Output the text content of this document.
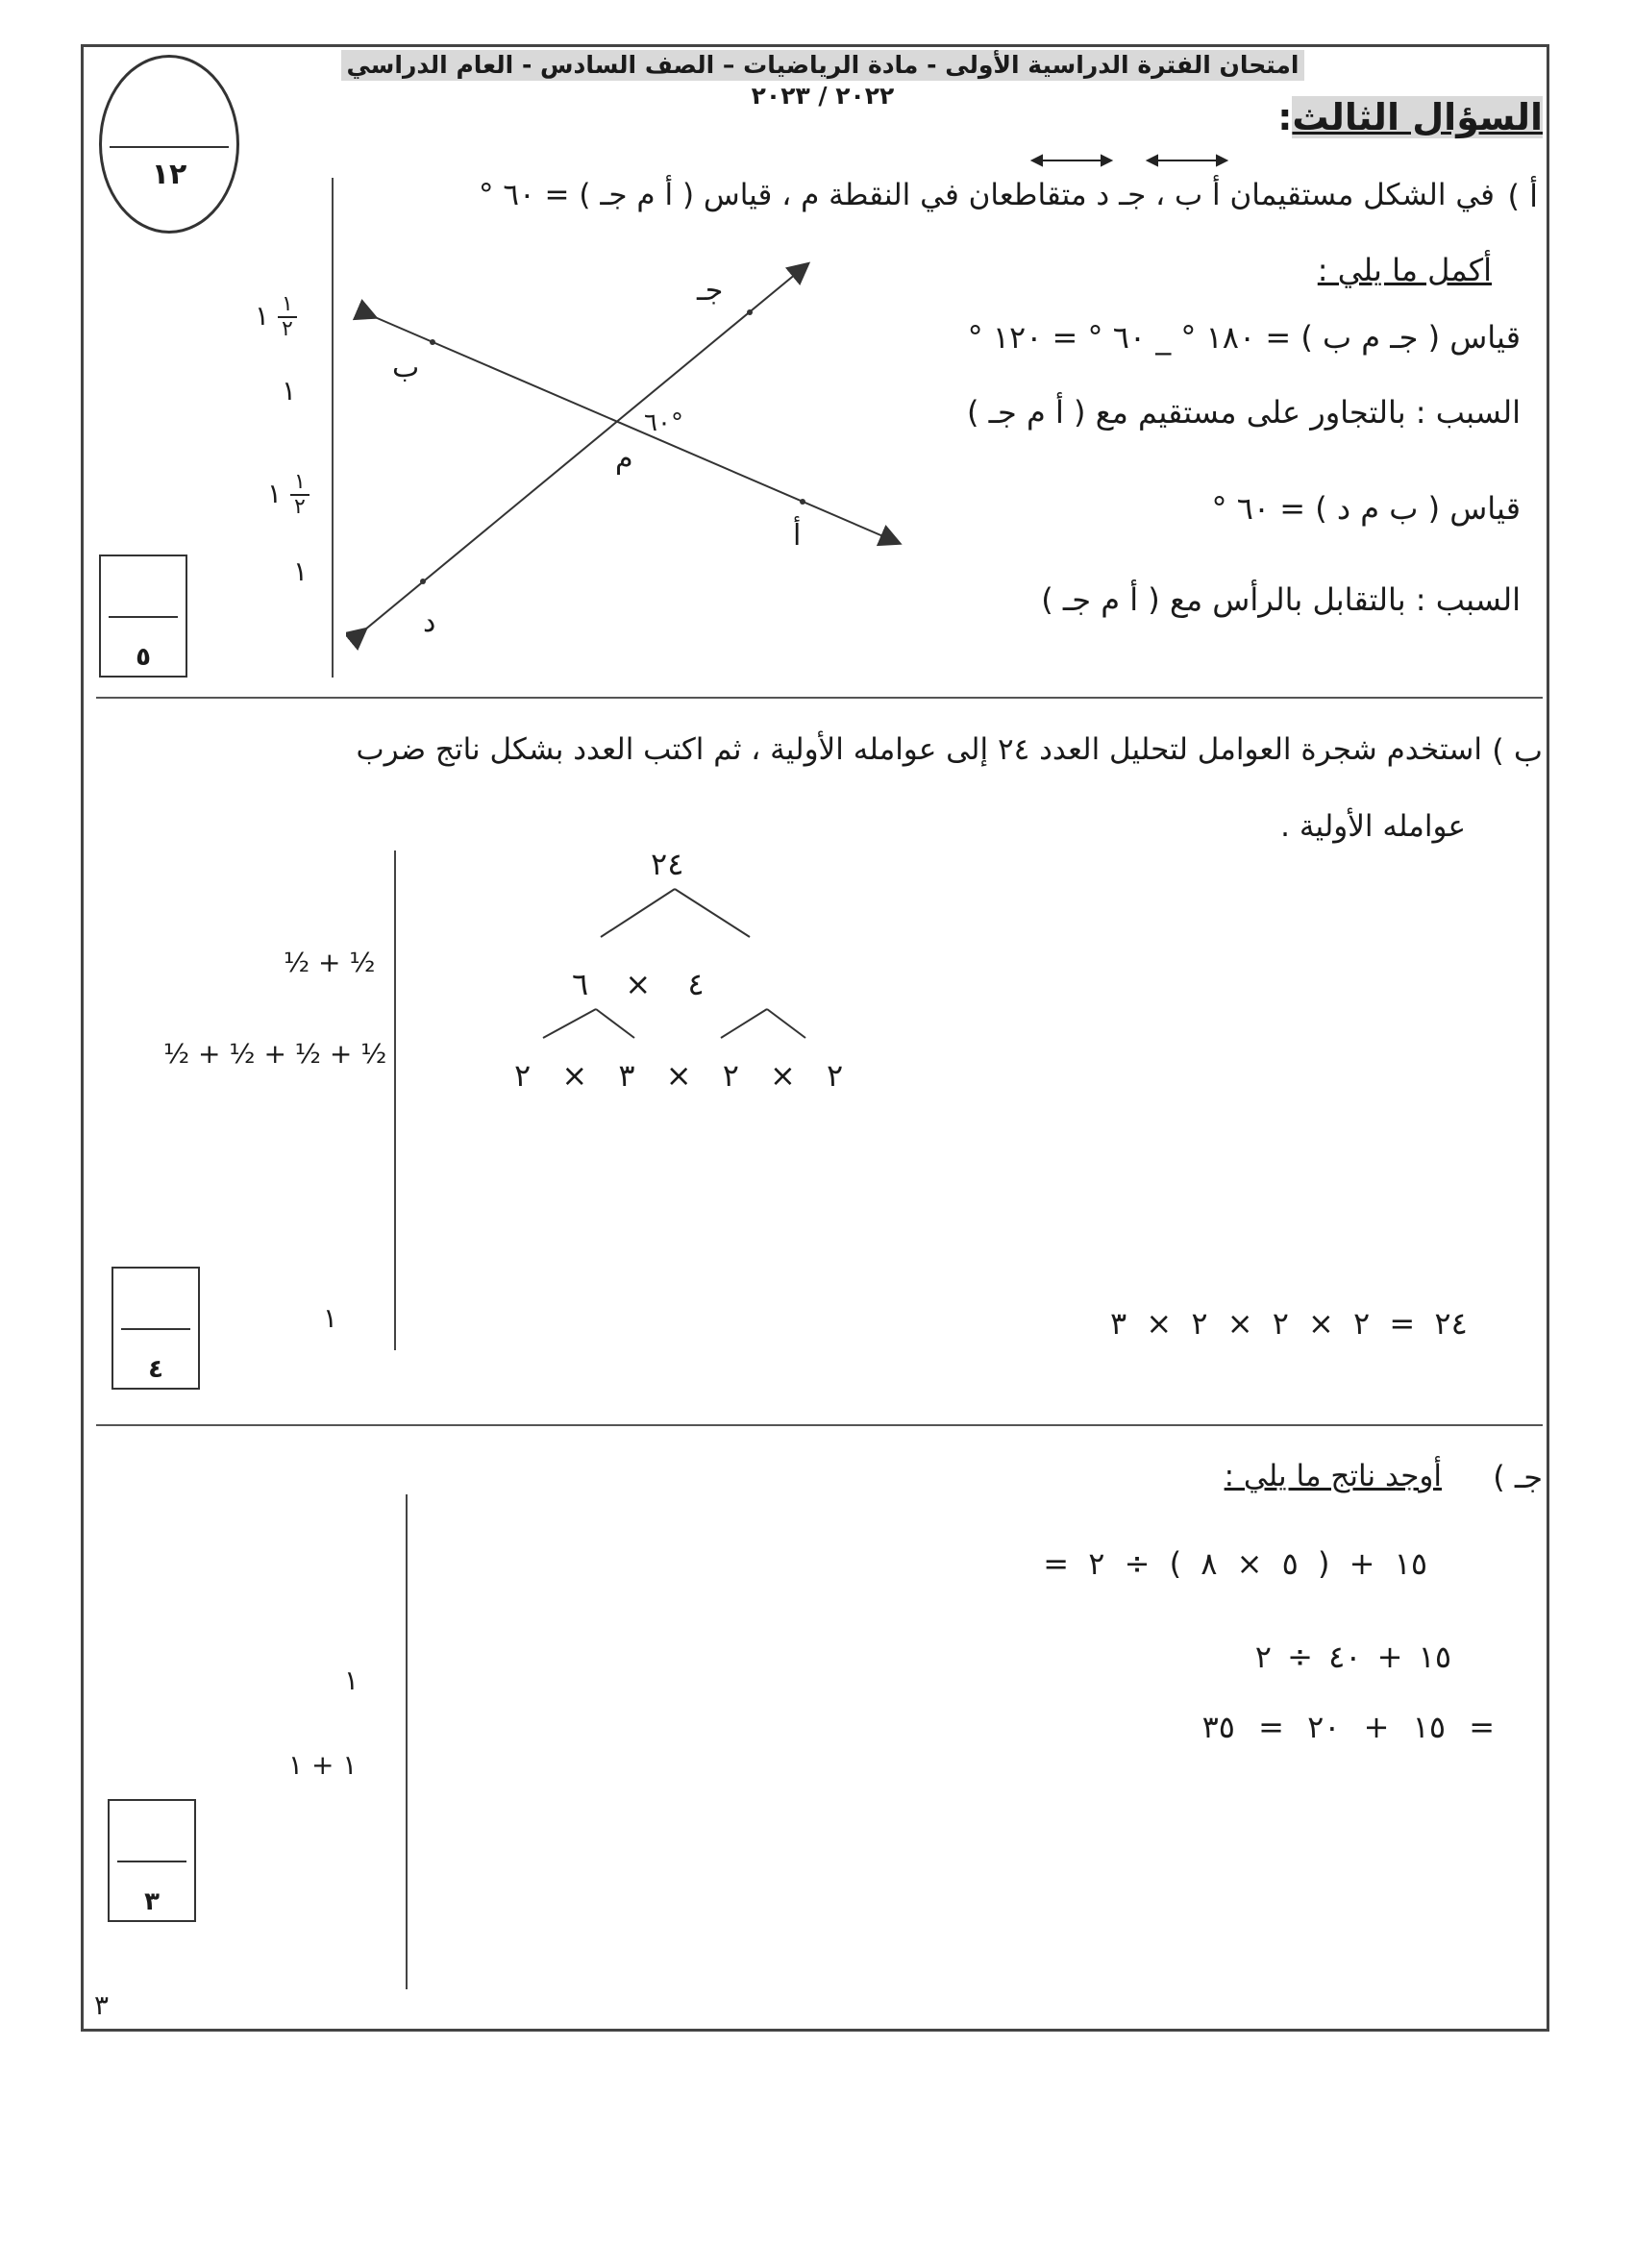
امتحان الفترة الدراسية الأولى - مادة الرياضيات – الصف السادس - العام الدراسي ٢٠٢٢ / ٢٠٢٣
١٢
السؤال الثالث:
أ )
في الشكل مستقيمان أ ب ، جـ د متقاطعان في النقطة م ، قياس ( أ م جـ ) = ٦٠ °
أكمل ما يلي :
قياس ( جـ م ب ) = ١٨٠ ° _ ٦٠ ° = ١٢٠ °
السبب : بالتجاور على مستقيم مع ( أ م جـ )
قياس ( ب م د ) = ٦٠ °
السبب : بالتقابل بالرأس مع ( أ م جـ )
جـ
ب
م
أ
د
٦٠°
١ $\frac{١}{٢}$
١
١ $\frac{١}{٢}$
١
٥
ب )
استخدم شجرة العوامل لتحليل العدد ٢٤ إلى عوامله الأولية ، ثم اكتب العدد بشكل ناتج ضرب
عوامله الأولية .
٢٤
٤ × ٦
٢ × ٢ × ٣ × ٢
٢٤ = ٢ × ٢ × ٢ × ٣
½ + ½
½ + ½ + ½ + ½
١
٤
جـ )
أوجد ناتج ما يلي :
١٥ + ( ٥ × ٨ ) ÷ ٢ =
١٥ + ٤٠ ÷ ٢
= ١٥ + ٢٠ = ٣٥
١
١ + ١
٣
٣
